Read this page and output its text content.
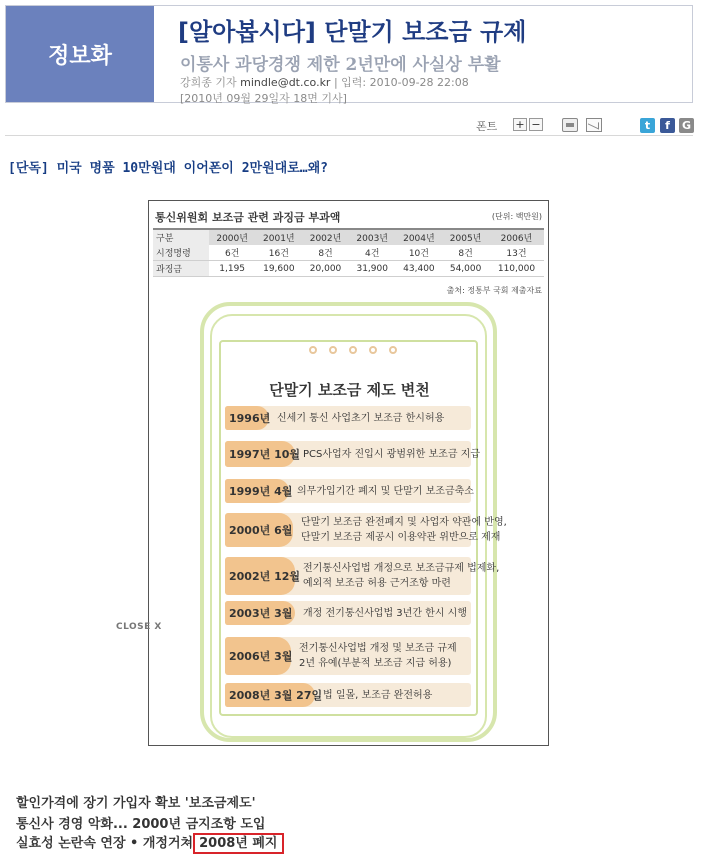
정보화
[알아봅시다] 단말기 보조금 규제
이통사 과당경쟁 제한 2년만에 사실상 부활
강희종 기자 mindle@dt.co.kr | 입력: 2010-09-28 22:08
[2010년 09월 29일자 18면 기사]
폰트 + −	t	f	G
[단독] 미국 명품 10만원대 이어폰이 2만원대로…왜?
통신위원회 보조금 관련 과징금 부과액	(단위: 백만원)
구분	2000년	2001년	2002년	2003년	2004년	2005년	2006년
시정명령	6건	16건	8건	4건	10건	8건	13건
과징금	1,195	19,600	20,000	31,900	43,400	54,000	110,000
출처: 정통부 국회 제출자료
단말기 보조금 제도 변천
1996년 신세기 통신 사업초기 보조금 한시허용
1997년 10월 PCS사업자 진입시 광범위한 보조금 지급
1999년 4월 의무가입기간 폐지 및 단말기 보조금축소
2000년 6월
단말기 보조금 완전폐지 및 사업자 약관에 반영,
단말기 보조금 제공시 이용약관 위반으로 제재
2002년 12월
전기통신사업법 개정으로 보조금규제 법제화,
예외적 보조금 허용 근거조항 마련
2003년 3월 개정 전기통신사업법 3년간 한시 시행
2006년 3월
전기통신사업법 개정 및 보조금 규제
2년 유예(부분적 보조금 지급 허용)
2008년 3월 27일 법 일몰, 보조금 완전허용
CLOSE X
할인가격에 장기 가입자 확보 '보조금제도'
통신사 경영 악화... 2000년 금지조항 도입
실효성 논란속 연장 • 개정거쳐 2008년 폐지
